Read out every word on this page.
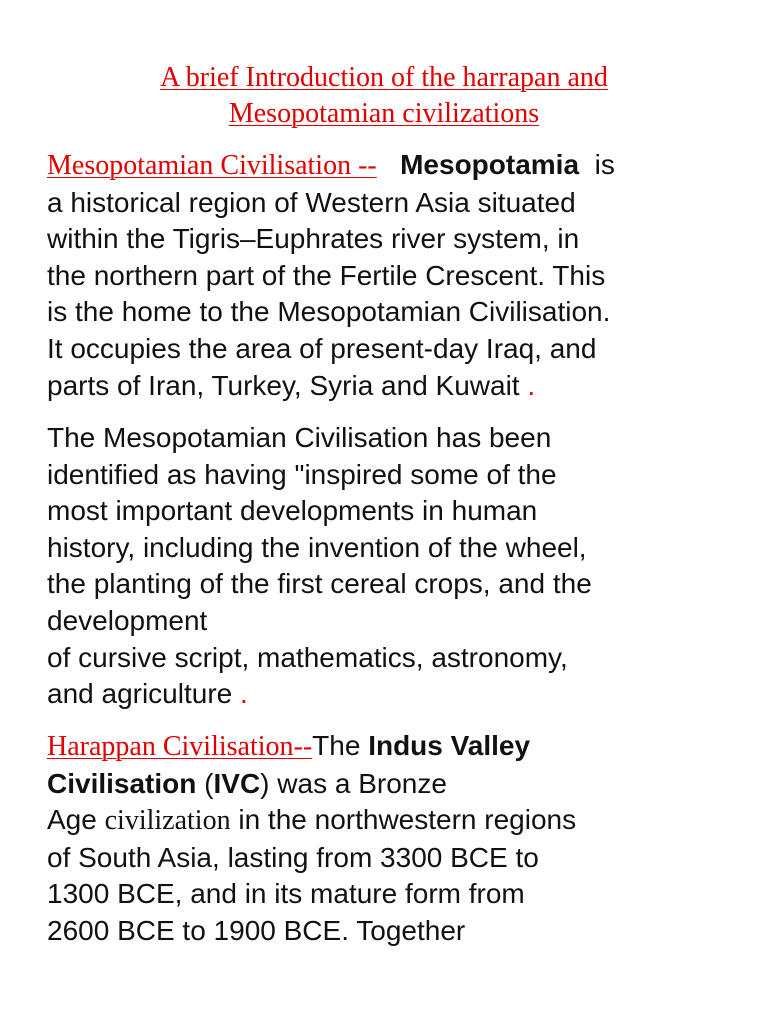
A brief Introduction of the harrapan and
Mesopotamian civilizations
Mesopotamian Civilisation -- Mesopotamia is
a historical region of Western Asia situated
within the Tigris–Euphrates river system, in
the northern part of the Fertile Crescent. This
is the home to the Mesopotamian Civilisation.
It occupies the area of present-day Iraq, and
parts of Iran, Turkey, Syria and Kuwait .
The Mesopotamian Civilisation has been
identified as having "inspired some of the
most important developments in human
history, including the invention of the wheel,
the planting of the first cereal crops, and the
development
of cursive script, mathematics, astronomy,
and agriculture .
Harappan Civilisation--The Indus Valley
Civilisation (IVC) was a Bronze
Age civilization in the northwestern regions
of South Asia, lasting from 3300 BCE to
1300 BCE, and in its mature form from
2600 BCE to 1900 BCE. Together
